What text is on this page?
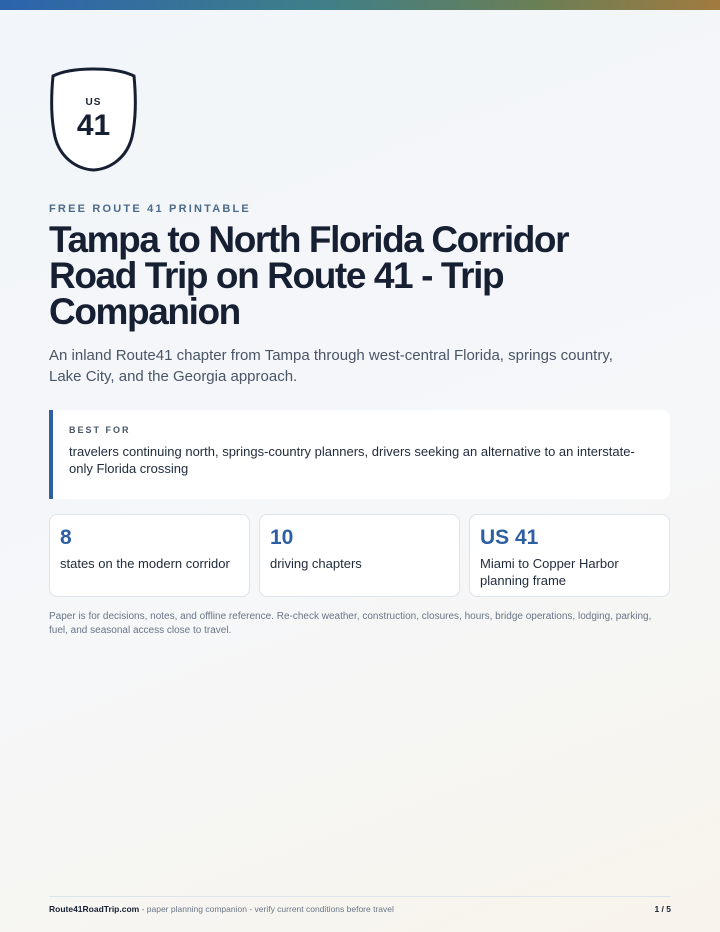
US
41
FREE ROUTE 41 PRINTABLE
Tampa to North Florida Corridor Road Trip on Route 41 - Trip Companion
An inland Route41 chapter from Tampa through west-central Florida, springs country, Lake City, and the Georgia approach.
BEST FOR
travelers continuing north, springs-country planners, drivers seeking an alternative to an interstate-only Florida crossing
8
states on the modern corridor
10
driving chapters
US 41
Miami to Copper Harbor planning frame
Paper is for decisions, notes, and offline reference. Re-check weather, construction, closures, hours, bridge operations, lodging, parking, fuel, and seasonal access close to travel.
Route41RoadTrip.com - paper planning companion - verify current conditions before travel	1 / 5
